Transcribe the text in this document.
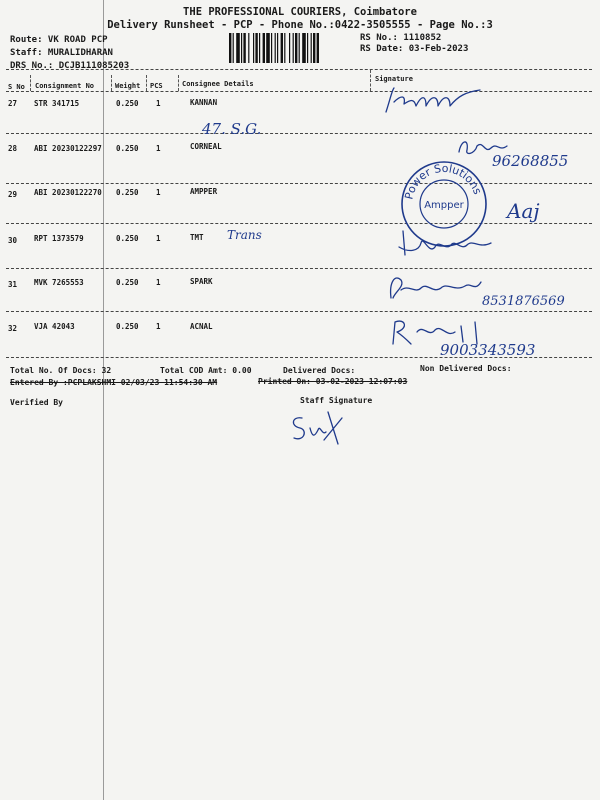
THE PROFESSIONAL COURIERS, Coimbatore
Delivery Runsheet - PCP - Phone No.:0422-3505555 - Page No.:3
Route: VK ROAD PCP
Staff: MURALIDHARAN
DRS No.: DCJB111085203
RS No.: 1110852
RS Date: 03-Feb-2023
S No Consignment No	Weight PCS	Consignee Details
Signature
27 STR 341715	0.250 1	KANNAN
28 ABI 20230122297 0.250 1	CORNEAL
29 ABI 20230122270 0.250 1	AMPPER
30 RPT 1373579	0.250 1	TMT
31 MVK 7265553	0.250 1	SPARK
32 VJA 42043	0.250 1	ACNAL
47. S.G.
96268855
Power Solutions
Ampper Aaj
Trans
8531876569
9003343593
Total No. Of Docs: 32	Total COD Amt: 0.00	Delivered Docs:	Non Delivered Docs:
Entered By :PCPLAKSHMI 02/03/23 11:54:30 AM	Printed On: 03-02-2023 12:07:03
Verified By	Staff Signature
